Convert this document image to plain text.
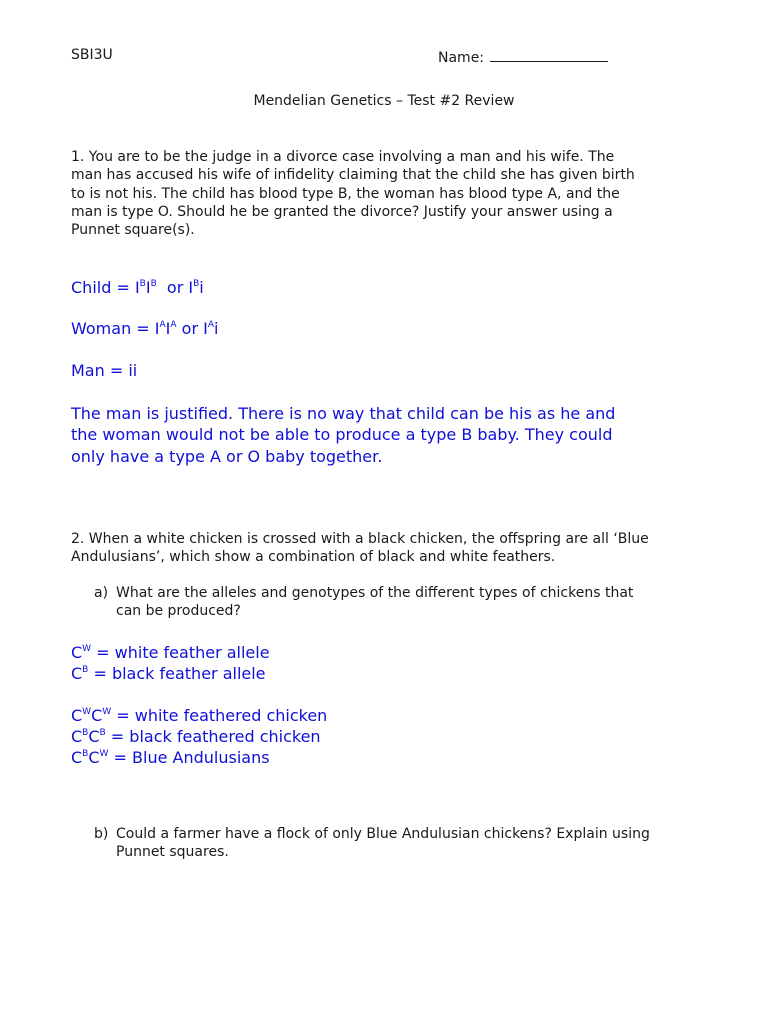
SBI3U	Name:
Mendelian Genetics – Test #2 Review
1. You are to be the judge in a divorce case involving a man and his wife. The
man has accused his wife of infidelity claiming that the child she has given birth
to is not his. The child has blood type B, the woman has blood type A, and the
man is type O. Should he be granted the divorce? Justify your answer using a
Punnet square(s).
Child = $I^BI^B$  or $I^Bi$
Woman = $I^AI^A$ or $I^Ai$
Man = ii
The man is justified. There is no way that child can be his as he and
the woman would not be able to produce a type B baby. They could
only have a type A or O baby together.
2. When a white chicken is crossed with a black chicken, the offspring are all ‘Blue
Andulusians’, which show a combination of black and white feathers.
a) What are the alleles and genotypes of the different types of chickens that
can be produced?
$C^W$ = white feather allele
$C^B$ = black feather allele
$C^WC^W$ = white feathered chicken
$C^BC^B$ = black feathered chicken
$C^BC^W$ = Blue Andulusians
b) Could a farmer have a flock of only Blue Andulusian chickens? Explain using
Punnet squares.
